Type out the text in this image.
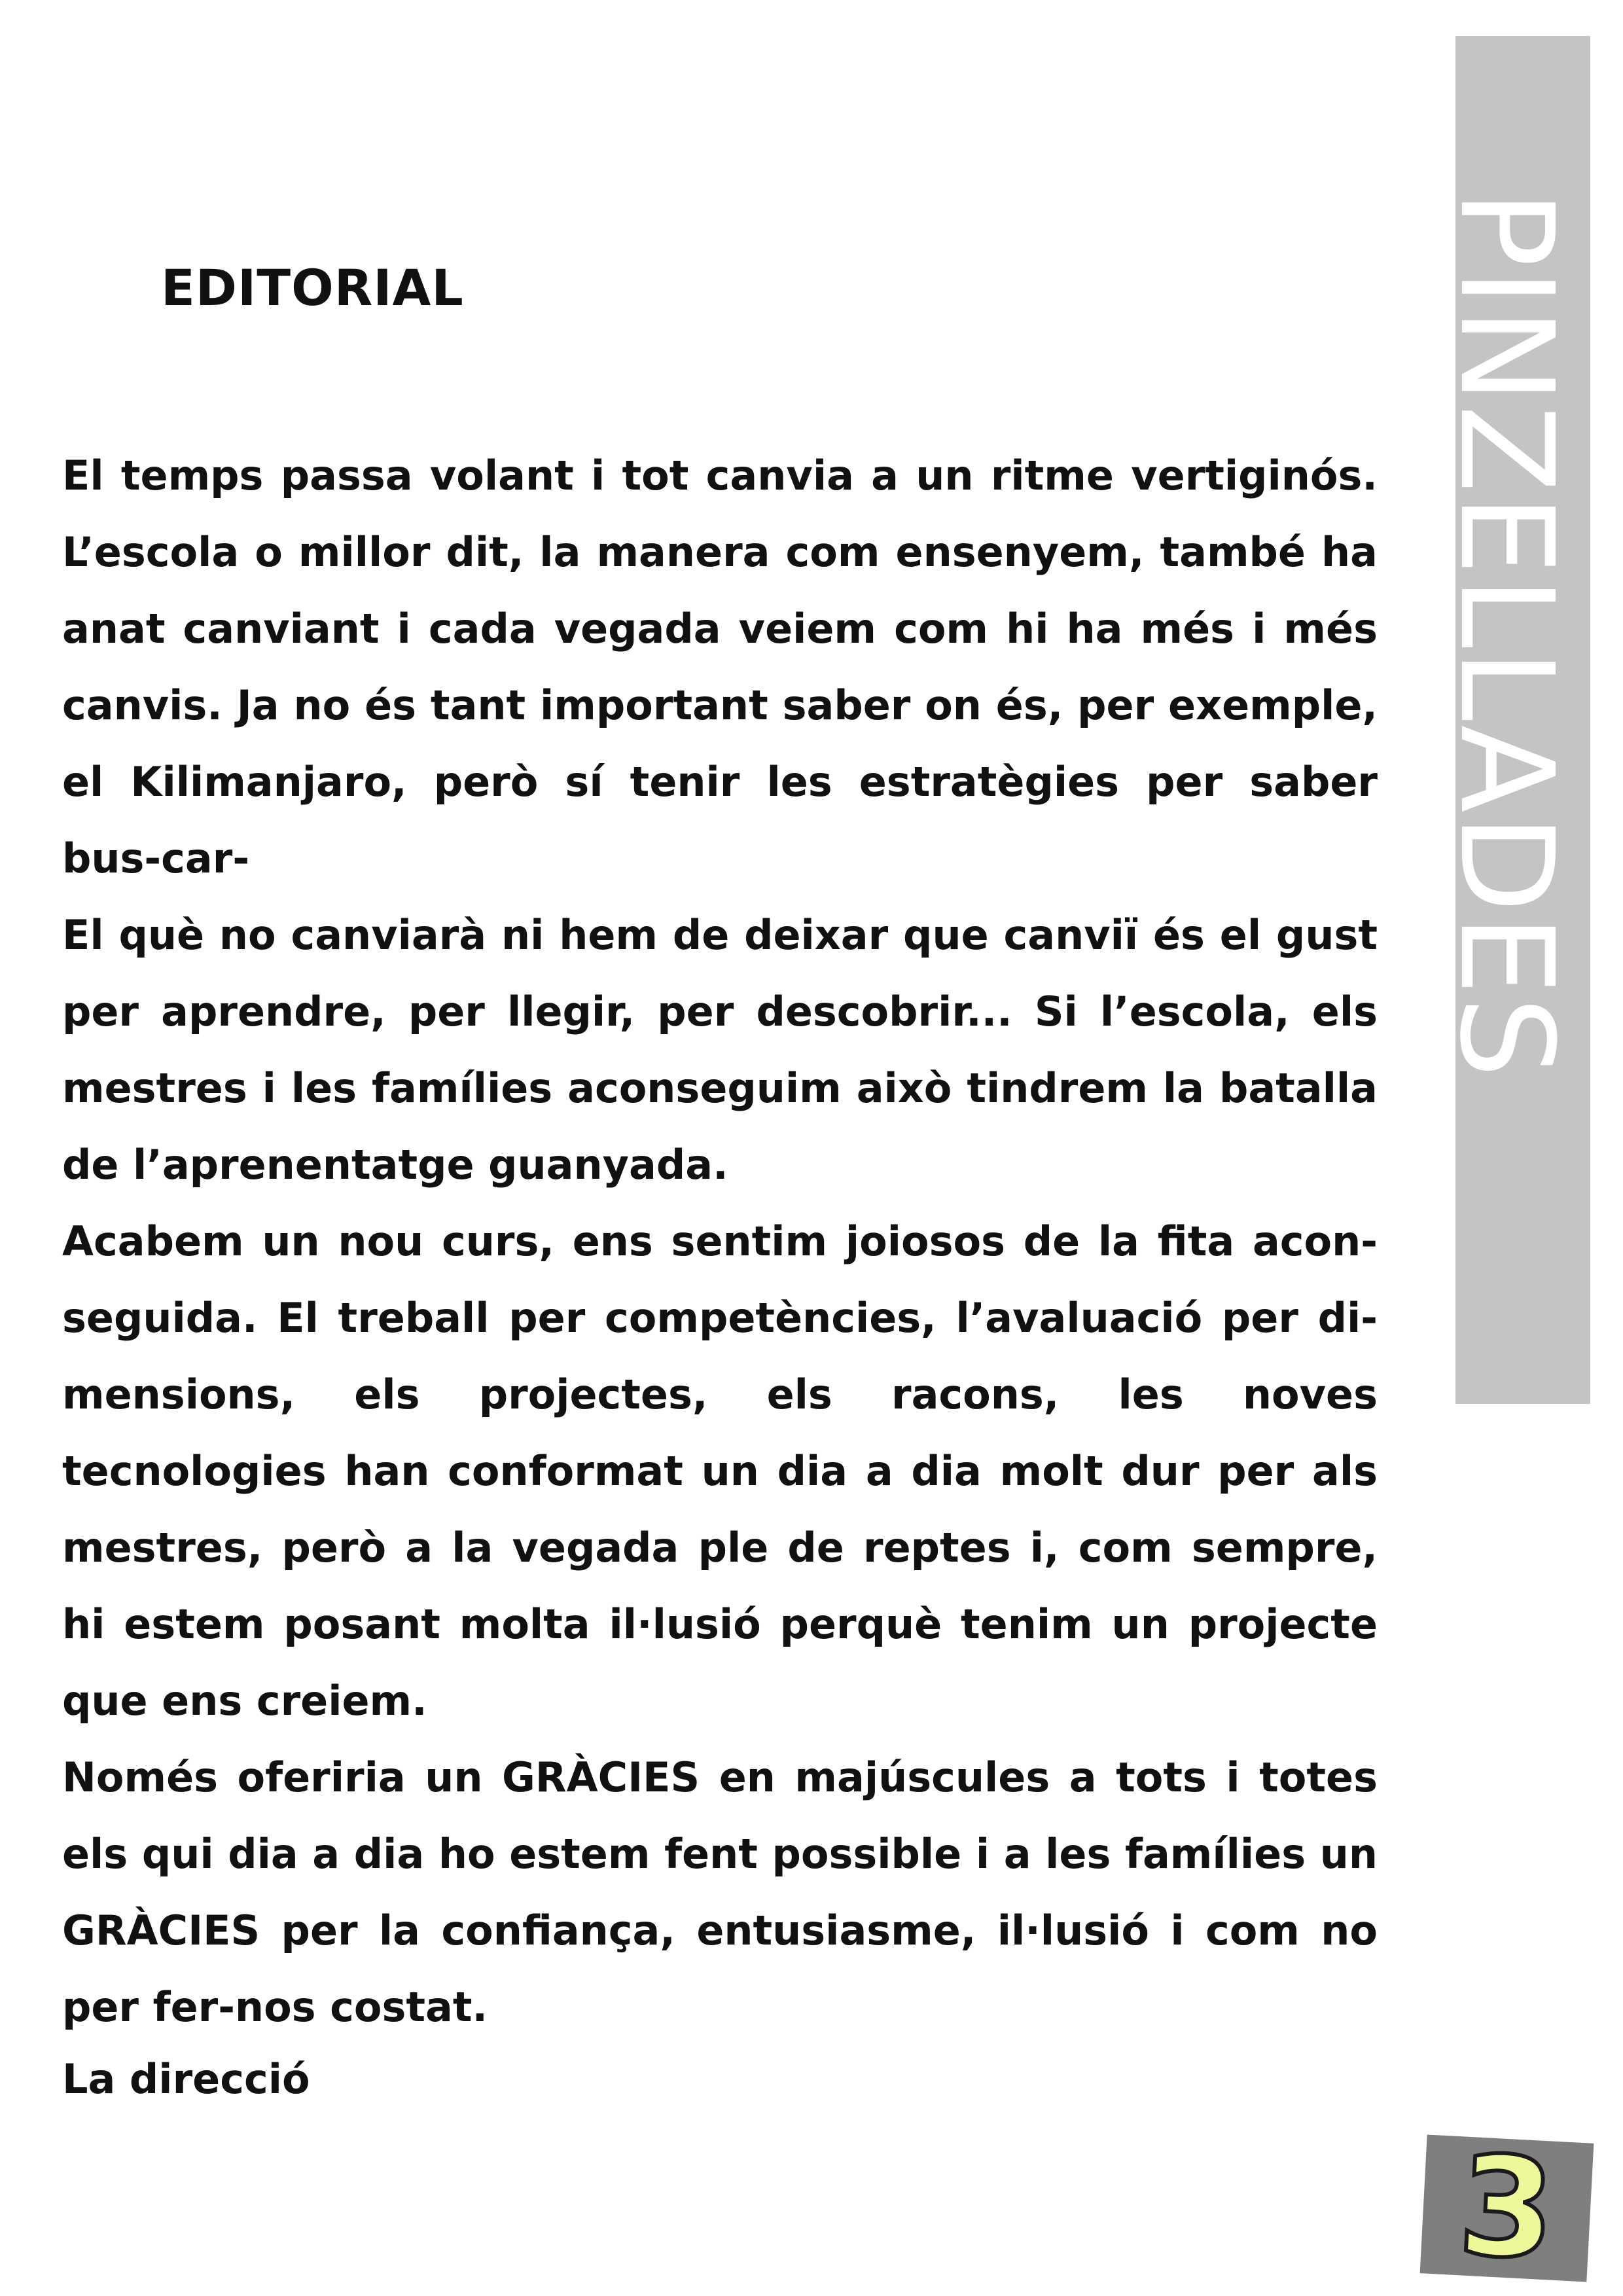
EDITORIAL

El temps passa volant i tot canvia a un ritme vertiginós. L’escola o millor dit, la manera com ensenyem, també ha anat canviant i cada vegada veiem com hi ha més i més canvis. Ja no és tant important saber on és, per exemple, el Kilimanjaro, però sí tenir les estratègies per saber bus-car-

El què no canviarà ni hem de deixar que canviï és el gust per aprendre, per llegir, per descobrir... Si l’escola, els mestres i les famílies aconseguim això tindrem la batalla de l’aprenentatge guanyada.

Acabem un nou curs, ens sentim joiosos de la fita acon-seguida. El treball per competències, l’avaluació per di-mensions, els projectes, els racons, les noves tecnologies han conformat un dia a dia molt dur per als mestres, però a la vegada ple de reptes i, com sempre, hi estem posant molta il·lusió perquè tenim un projecte que ens creiem.

Només oferiria un GRÀCIES en majúscules a tots i totes els qui dia a dia ho estem fent possible i a les famílies un GRÀCIES per la confiança, entusiasme, il·lusió i com no per fer-nos costat.

La direcció

PINZELLADES
3
